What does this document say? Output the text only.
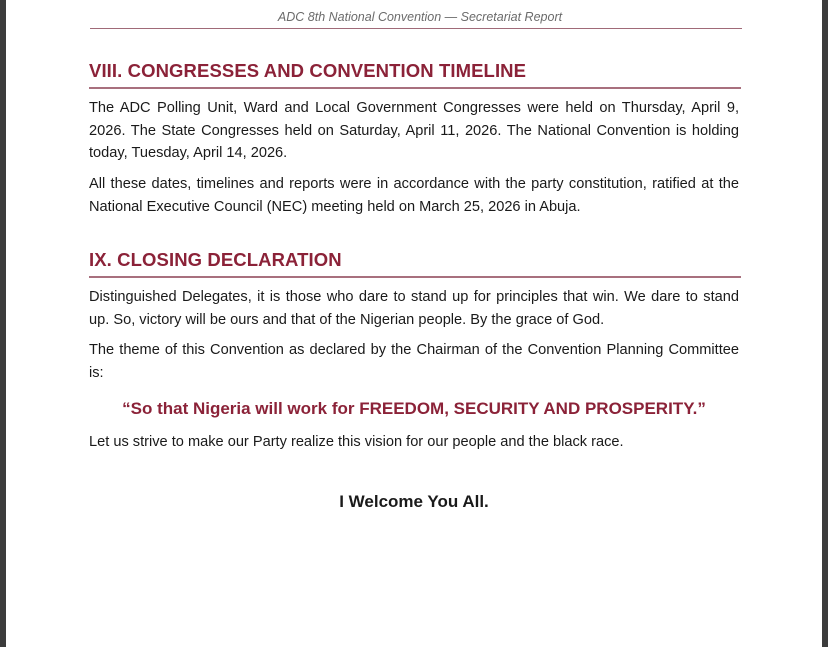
ADC 8th National Convention — Secretariat Report
VIII. CONGRESSES AND CONVENTION TIMELINE

The ADC Polling Unit, Ward and Local Government Congresses were held on Thursday, April 9, 2026. The State Congresses held on Saturday, April 11, 2026. The National Convention is holding today, Tuesday, April 14, 2026.

All these dates, timelines and reports were in accordance with the party constitution, ratified at the National Executive Council (NEC) meeting held on March 25, 2026 in Abuja.

IX. CLOSING DECLARATION

Distinguished Delegates, it is those who dare to stand up for principles that win. We dare to stand up. So, victory will be ours and that of the Nigerian people. By the grace of God.

The theme of this Convention as declared by the Chairman of the Convention Planning Committee is:

“So that Nigeria will work for FREEDOM, SECURITY AND PROSPERITY.”

Let us strive to make our Party realize this vision for our people and the black race.

I Welcome You All.
